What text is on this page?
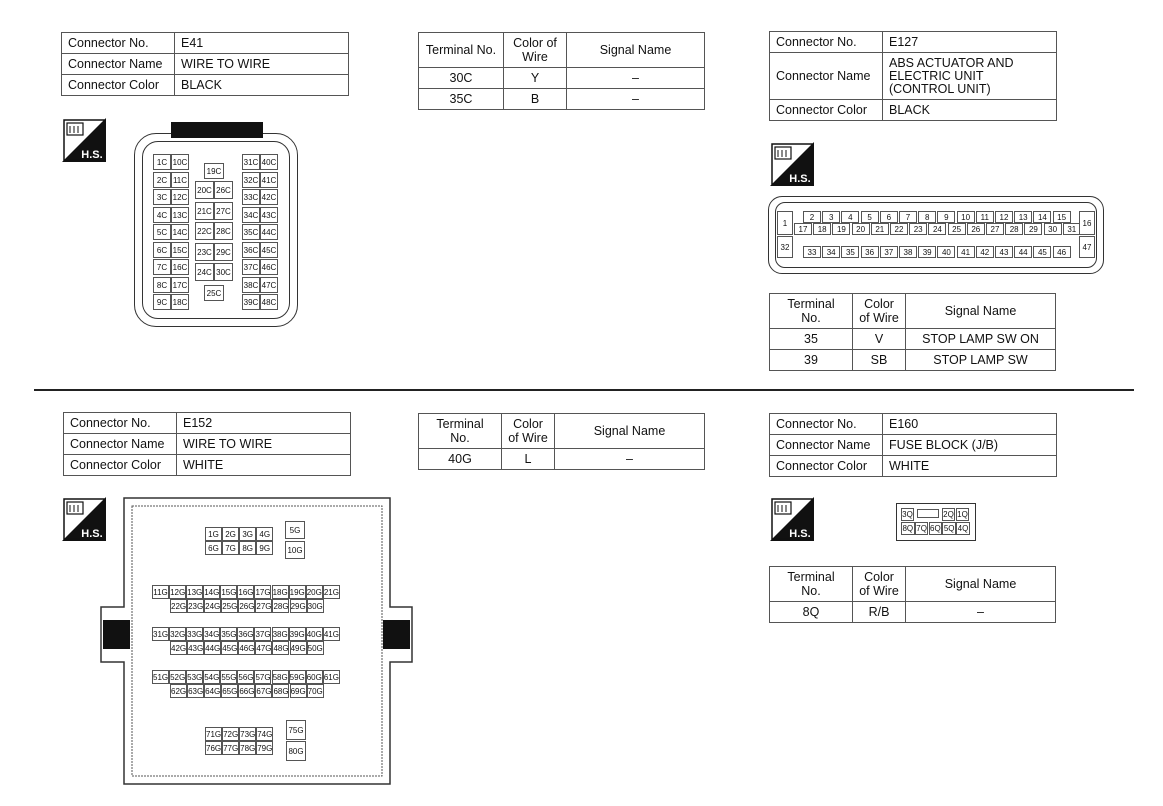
Connector No.	E41
Connector Name	WIRE TO WIRE
Connector Color	BLACK
H.S.
1C 10C
2C 11C
3C 12C
4C 13C
5C 14C
6C 15C
7C 16C
8C 17C
9C 18C
31C 40C
32C 41C
33C 42C
34C 43C
35C 44C
36C 45C
37C 46C
38C 47C
39C 48C
19C
20C 26C
21C 27C
22C 28C
23C 29C
24C 30C
25C
Terminal No.	Color of Wire	Signal Name
30C	Y	–
35C	B	–
Connector No.	E127
Connector Name	ABS ACTUATOR AND ELECTRIC UNIT (CONTROL UNIT)
Connector Color	BLACK
H.S.
2	3	4	5	6	7	8	9	10	11	12	13	14	15
17	18	19	20	21	22	23	24	25	26	27	28	29	30	31
33	34	35	36	37	38	39	40	41	42	43	44	45	46
1
32
16
47
Terminal No.	Color of Wire	Signal Name
35	V	STOP LAMP SW ON
39	SB	STOP LAMP SW
Connector No.	E152
Connector Name	WIRE TO WIRE
Connector Color	WHITE
H.S.	1G 2G 3G 4G
6G 7G 8G 9G
5G
10G
11G 12G 13G 14G 15G 16G 17G 18G 19G 20G 21G
22G 23G 24G 25G 26G 27G 28G 29G 30G
31G 32G 33G 34G 35G 36G 37G 38G 39G 40G 41G
42G 43G 44G 45G 46G 47G 48G 49G 50G
51G 52G 53G 54G 55G 56G 57G 58G 59G 60G 61G
62G 63G 64G 65G 66G 67G 68G 69G 70G
71G 72G 73G 74G
76G 77G 78G 79G
75G
80G
Terminal No.	Color of Wire	Signal Name
40G	L	–
Connector No.	E160
Connector Name	FUSE BLOCK (J/B)
Connector Color	WHITE
H.S.
3Q	2Q 1Q
8Q 7Q 6Q 5Q 4Q
Terminal No.	Color of Wire	Signal Name
8Q	R/B	–
